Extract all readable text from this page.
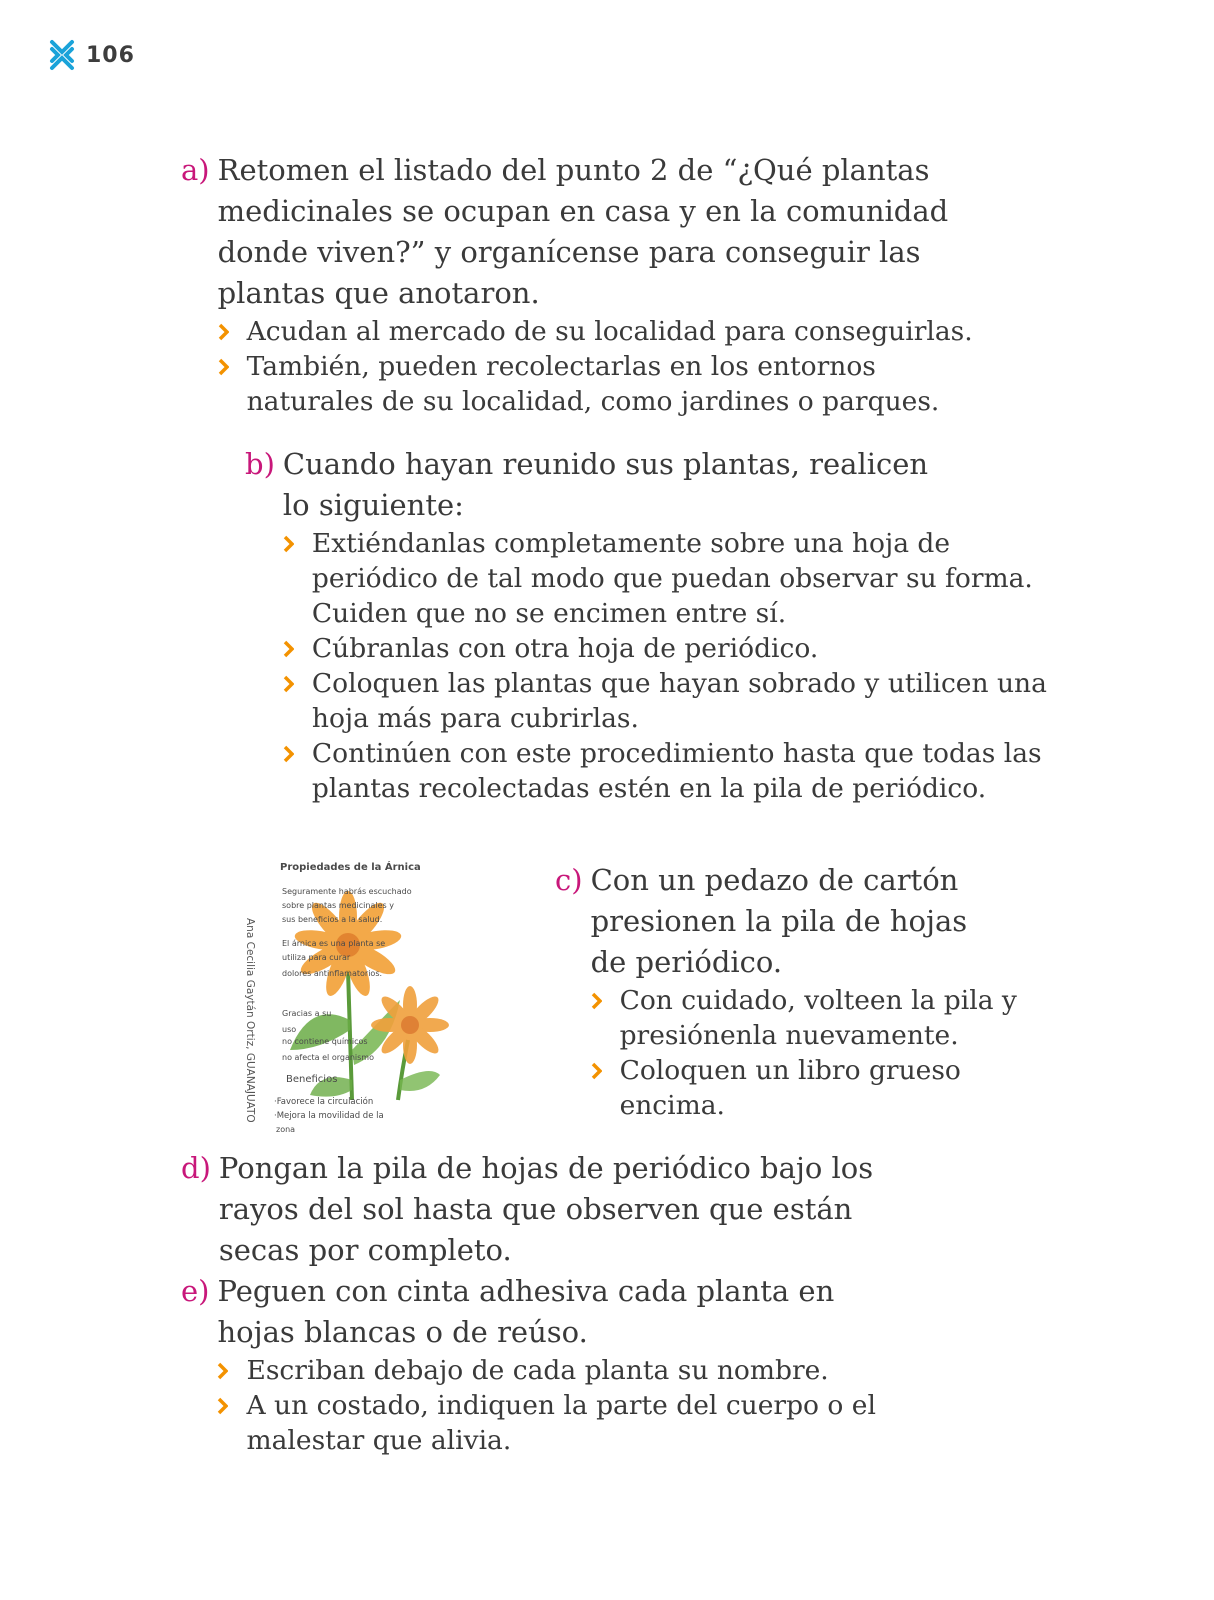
106
a) Retomen el listado del punto 2 de “¿Qué plantas medicinales se ocupan en casa y en la comunidad donde viven?” y organícense para conseguir las plantas que anotaron.
Acudan al mercado de su localidad para conseguirlas.
También, pueden recolectarlas en los entornos naturales de su localidad, como jardines o parques.
b) Cuando hayan reunido sus plantas, realicen lo siguiente:
Extiéndanlas completamente sobre una hoja de periódico de tal modo que puedan observar su forma. Cuiden que no se encimen entre sí.
Cúbranlas con otra hoja de periódico.
Coloquen las plantas que hayan sobrado y utilicen una hoja más para cubrirlas.
Continúen con este procedimiento hasta que todas las plantas recolectadas estén en la pila de periódico.
Ana Cecilia Gaytán Ortiz, GUANAJUATO
Propiedades de la Árnica
Seguramente habrás escuchado
sobre plantas medicinales y
sus beneficios a la salud.
El árnica es una planta se
utiliza para curar
dolores antinflamatorios.
Gracias a su
uso
no contiene químicos
no afecta el organismo
Beneficios
·Favorece la circulación
·Mejora la movilidad de la
zona
c) Con un pedazo de cartón presionen la pila de hojas de periódico.
Con cuidado, volteen la pila y presiónenla nuevamente.
Coloquen un libro grueso encima.
d) Pongan la pila de hojas de periódico bajo los rayos del sol hasta que observen que están secas por completo.
e) Peguen con cinta adhesiva cada planta en hojas blancas o de reúso.
Escriban debajo de cada planta su nombre.
A un costado, indiquen la parte del cuerpo o el malestar que alivia.
